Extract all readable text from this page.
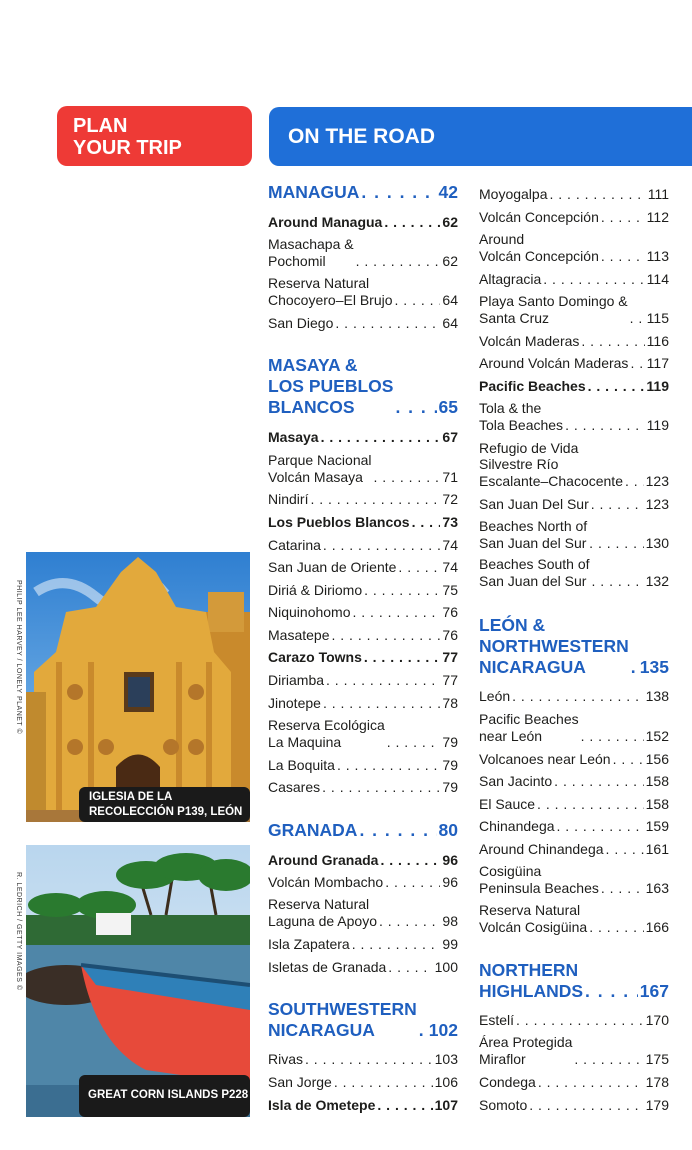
PLAN
YOUR TRIP	ON THE ROAD
MANAGUA . . .	42
Around Managua . . .	62
Masachapa &
Pochomil . . .	62
Reserva Natural
Chocoyero–El Brujo . . .	64
San Diego . . .	64
MASAYA &
LOS PUEBLOS
BLANCOS . . .	65
Masaya . . .	67
Parque Nacional
Volcán Masaya . . .	71
Nindirí . . .	72
Los Pueblos Blancos . . . 73
Catarina . . .	74
San Juan de Oriente . . .	74
Diriá & Diriomo . . .	75
Niquinohomo . . .	76
Masatepe . . .	76
Carazo Towns . . .	77
Diriamba . . .	77
Jinotepe . . .	78
Reserva Ecológica
La Maquina . . .	79
La Boquita . . .	79
Casares . . .	79
GRANADA . . .	80
Around Granada . . .	96
Volcán Mombacho . . .	96
Reserva Natural
Laguna de Apoyo . . .	98
Isla Zapatera . . .	99
Isletas de Granada . . .	100
SOUTHWESTERN
NICARAGUA . . .	102
Rivas . . .	103
San Jorge . . .	106
Isla de Ometepe . . .	107
Moyogalpa . . .	111
Volcán Concepción . . .	112
Around
Volcán Concepción . . .	113
Altagracia . . .	114
Playa Santo Domingo &
Santa Cruz . . .	115
Volcán Maderas . . .	116
Around Volcán Maderas . . . 117
Pacific Beaches . . .	119
Tola & the
Tola Beaches . . .	119
Refugio de Vida
Silvestre Río
Escalante–Chacocente . . . 123
San Juan Del Sur . . .	123
Beaches North of
San Juan del Sur . . .	130
Beaches South of
San Juan del Sur . . .	132
LEÓN &
NORTHWESTERN
NICARAGUA . . .	135
León . . .	138
Pacific Beaches
near León . . .	152
Volcanoes near León . . .	156
San Jacinto . . .	158
El Sauce . . .	158
Chinandega . . .	159
Around Chinandega . . .	161
Cosigüina
Peninsula Beaches . . .	163
Reserva Natural
Volcán Cosigüina . . .	166
NORTHERN
HIGHLANDS . . .	167
Estelí . . .	170
Área Protegida
Miraflor . . .	175
Condega . . .	178
Somoto . . .	179
IGLESIA DE LA
RECOLECCIÓN P139, LEÓN
PHILIP LEE HARVEY / LONELY PLANET ©
GREAT CORN ISLANDS P228
R. LEDRICH / GETTY IMAGES ©
